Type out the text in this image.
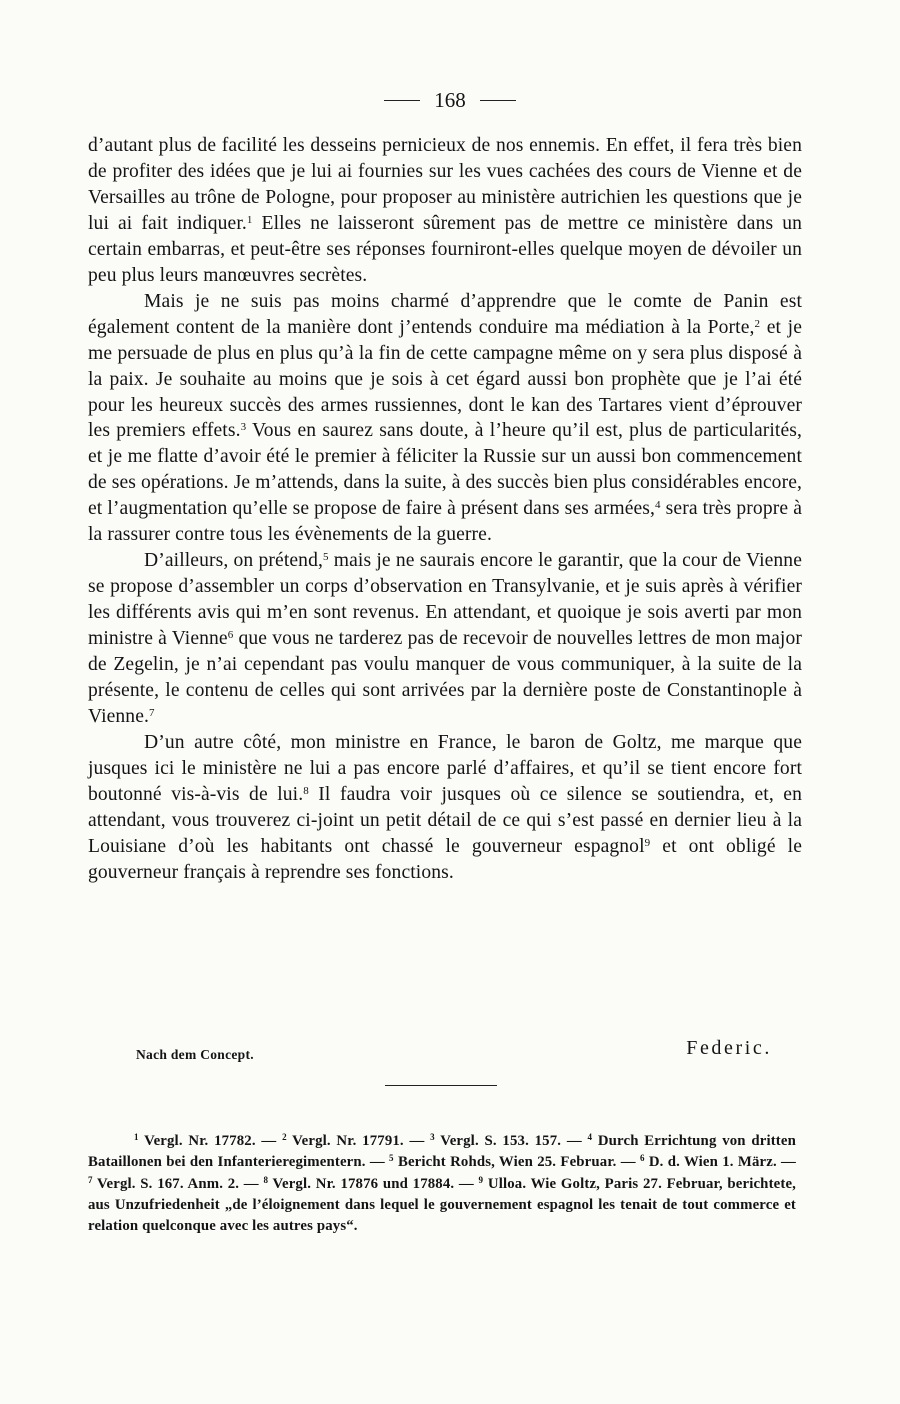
168

d’autant plus de facilité les desseins pernicieux de nos ennemis. En effet, il fera très bien de profiter des idées que je lui ai fournies sur les vues cachées des cours de Vienne et de Versailles au trône de Pologne, pour proposer au ministère autrichien les questions que je lui ai fait indiquer.$^1$ Elles ne laisseront sûrement pas de mettre ce ministère dans un certain embarras, et peut-être ses réponses fourniront-elles quelque moyen de dévoiler un peu plus leurs manœuvres secrètes.

Mais je ne suis pas moins charmé d’apprendre que le comte de Panin est également content de la manière dont j’entends conduire ma médiation à la Porte,$^2$ et je me persuade de plus en plus qu’à la fin de cette campagne même on y sera plus disposé à la paix. Je souhaite au moins que je sois à cet égard aussi bon prophète que je l’ai été pour les heureux succès des armes russiennes, dont le kan des Tartares vient d’éprouver les premiers effets.$^3$ Vous en saurez sans doute, à l’heure qu’il est, plus de particularités, et je me flatte d’avoir été le premier à féliciter la Russie sur un aussi bon commencement de ses opérations. Je m’attends, dans la suite, à des succès bien plus considérables encore, et l’augmentation qu’elle se propose de faire à présent dans ses armées,$^4$ sera très propre à la rassurer contre tous les évènements de la guerre.

D’ailleurs, on prétend,$^5$ mais je ne saurais encore le garantir, que la cour de Vienne se propose d’assembler un corps d’observation en Transylvanie, et je suis après à vérifier les différents avis qui m’en sont revenus. En attendant, et quoique je sois averti par mon ministre à Vienne$^6$ que vous ne tarderez pas de recevoir de nouvelles lettres de mon major de Zegelin, je n’ai cependant pas voulu manquer de vous communiquer, à la suite de la présente, le contenu de celles qui sont arrivées par la dernière poste de Constantinople à Vienne.$^7$

D’un autre côté, mon ministre en France, le baron de Goltz, me marque que jusques ici le ministère ne lui a pas encore parlé d’affaires, et qu’il se tient encore fort boutonné vis-à-vis de lui.$^8$ Il faudra voir jusques où ce silence se soutiendra, et, en attendant, vous trouverez ci-joint un petit détail de ce qui s’est passé en dernier lieu à la Louisiane d’où les habitants ont chassé le gouverneur espagnol$^9$ et ont obligé le gouverneur français à reprendre ses fonctions.

Nach dem Concept.	Federic.

$^1$ Vergl. Nr. 17782. — $^2$ Vergl. Nr. 17791. — $^3$ Vergl. S. 153. 157. — $^4$ Durch Errichtung von dritten Bataillonen bei den Infanterieregimentern. — $^5$ Bericht Rohds, Wien 25. Februar. — $^6$ D. d. Wien 1. März. — $^7$ Vergl. S. 167. Anm. 2. — $^8$ Vergl. Nr. 17876 und 17884. — $^9$ Ulloa. Wie Goltz, Paris 27. Februar, berichtete, aus Unzufriedenheit „de l’éloignement dans lequel le gouvernement espagnol les tenait de tout commerce et relation quelconque avec les autres pays“.
